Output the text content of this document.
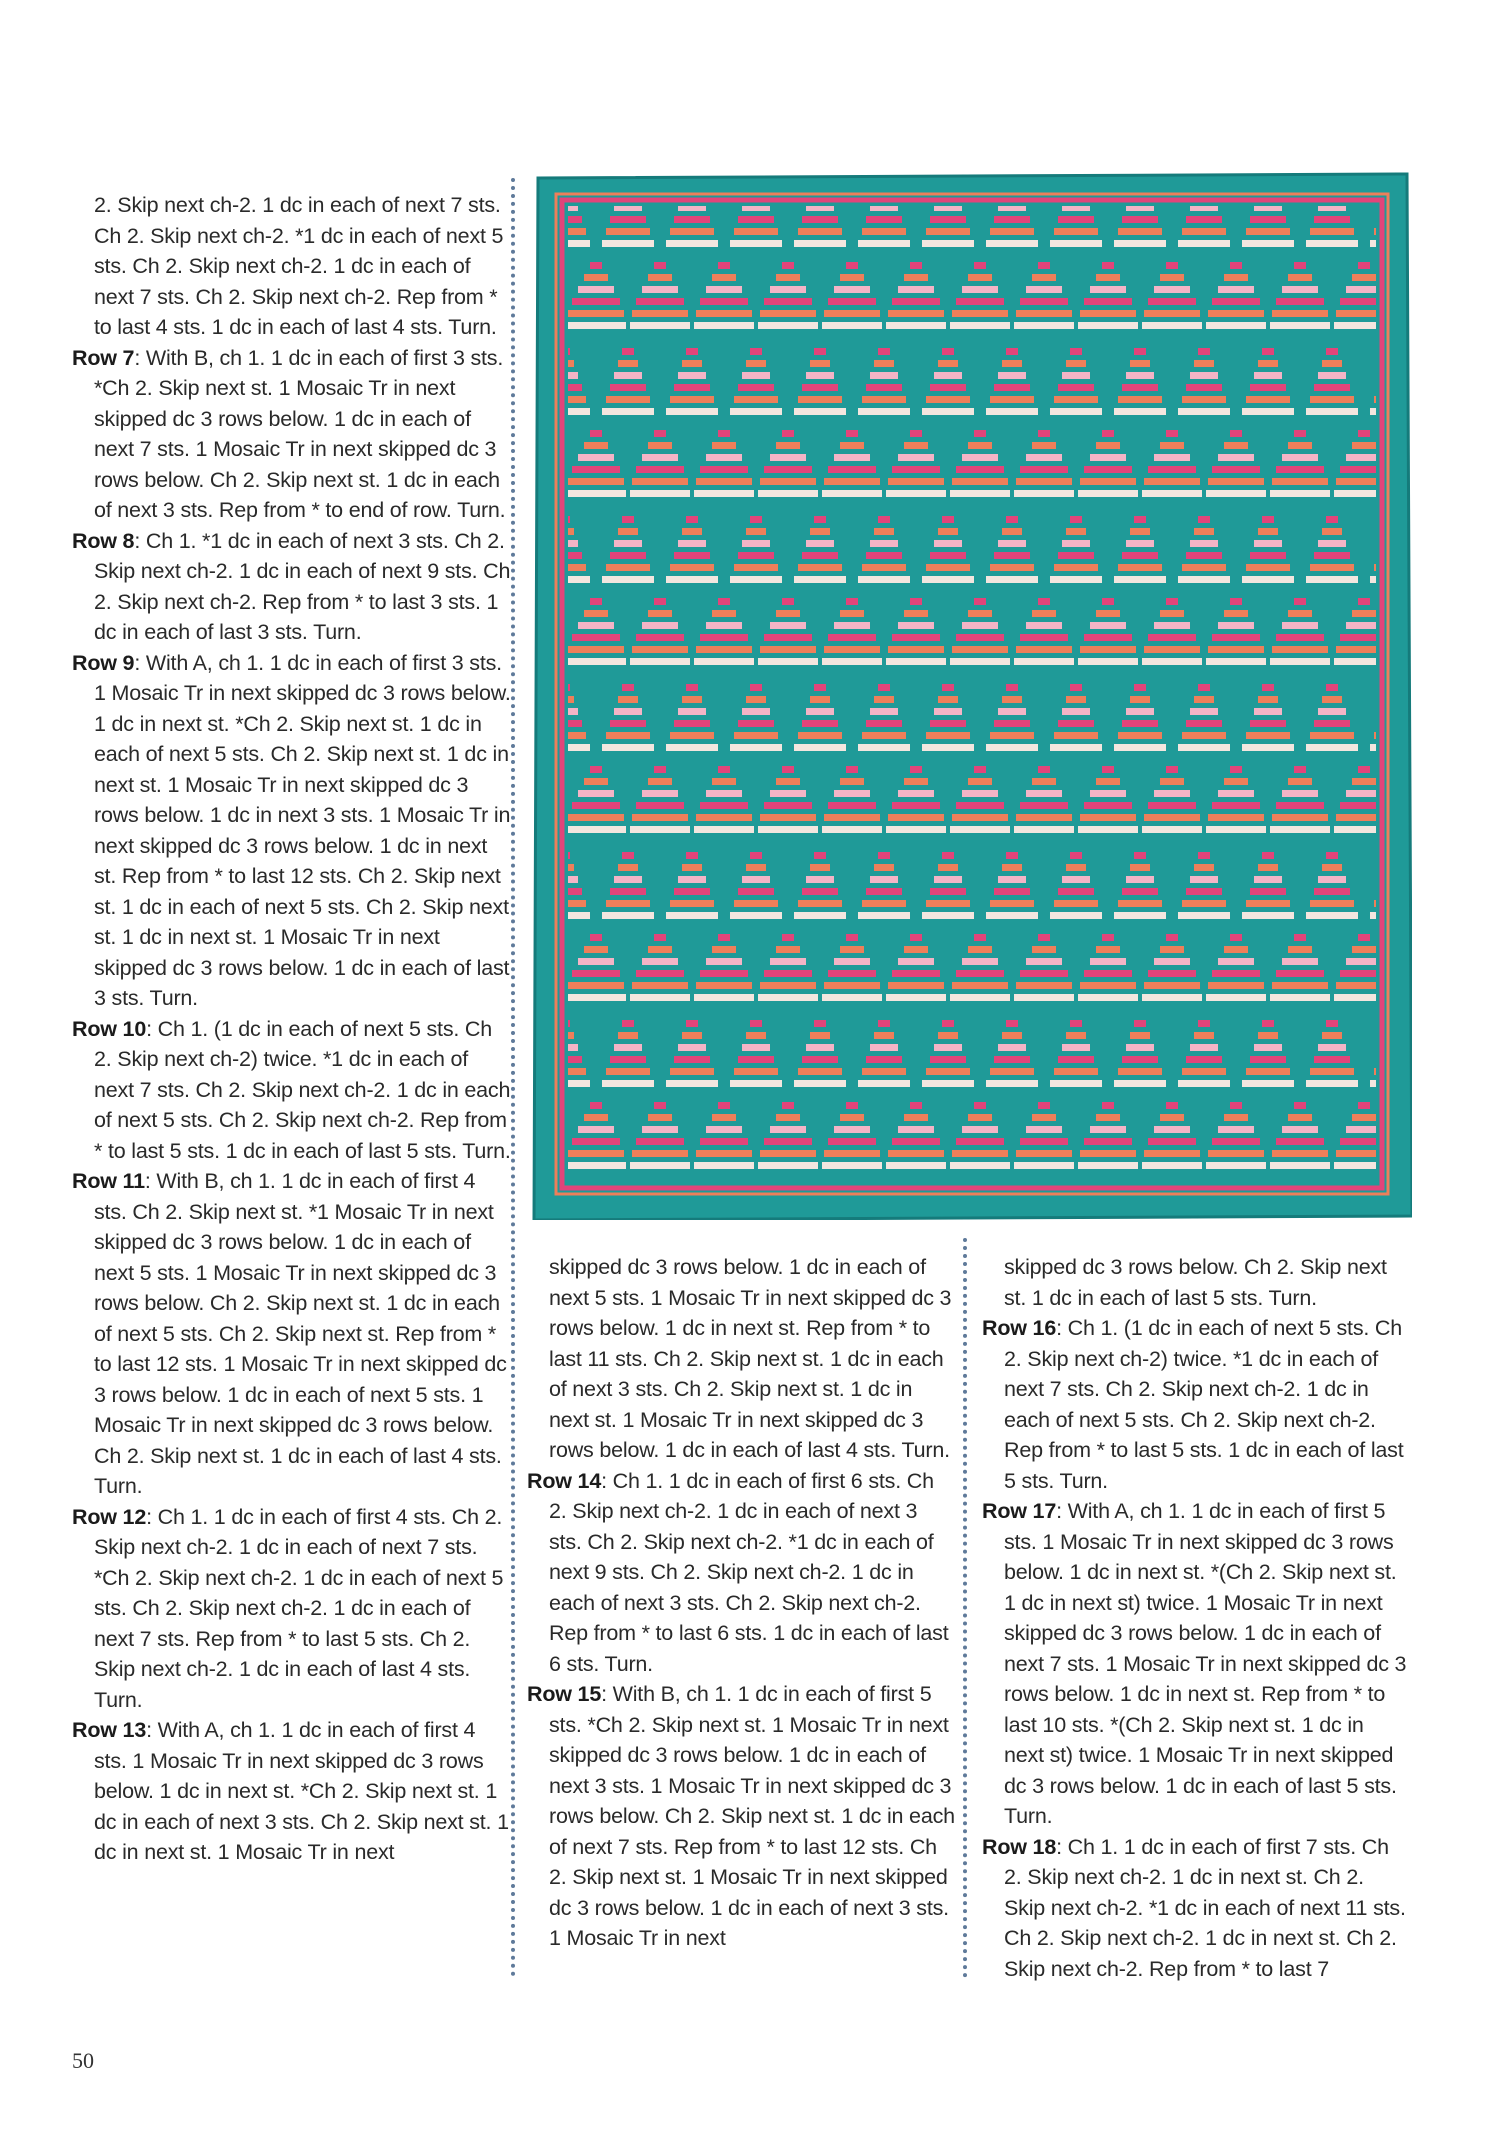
2. Skip next ch-2. 1 dc in each of next 7 sts. Ch 2. Skip next ch-2. *1 dc in each of next 5 sts. Ch 2. Skip next ch-2. 1 dc in each of next 7 sts. Ch 2. Skip next ch-2. Rep from * to last 4 sts. 1 dc in each of last 4 sts. Turn.

Row 7: With B, ch 1. 1 dc in each of first 3 sts. *Ch 2. Skip next st. 1 Mosaic Tr in next skipped dc 3 rows below. 1 dc in each of next 7 sts. 1 Mosaic Tr in next skipped dc 3 rows below. Ch 2. Skip next st. 1 dc in each of next 3 sts. Rep from * to end of row. Turn.

Row 8: Ch 1. *1 dc in each of next 3 sts. Ch 2. Skip next ch-2. 1 dc in each of next 9 sts. Ch 2. Skip next ch-2. Rep from * to last 3 sts. 1 dc in each of last 3 sts. Turn.

Row 9: With A, ch 1. 1 dc in each of first 3 sts. 1 Mosaic Tr in next skipped dc 3 rows below. 1 dc in next st. *Ch 2. Skip next st. 1 dc in each of next 5 sts. Ch 2. Skip next st. 1 dc in next st. 1 Mosaic Tr in next skipped dc 3 rows below. 1 dc in next 3 sts. 1 Mosaic Tr in next skipped dc 3 rows below. 1 dc in next st. Rep from * to last 12 sts. Ch 2. Skip next st. 1 dc in each of next 5 sts. Ch 2. Skip next st. 1 dc in next st. 1 Mosaic Tr in next skipped dc 3 rows below. 1 dc in each of last 3 sts. Turn.

Row 10: Ch 1. (1 dc in each of next 5 sts. Ch 2. Skip next ch-2) twice. *1 dc in each of next 7 sts. Ch 2. Skip next ch-2. 1 dc in each of next 5 sts. Ch 2. Skip next ch-2. Rep from * to last 5 sts. 1 dc in each of last 5 sts. Turn.

Row 11: With B, ch 1. 1 dc in each of first 4 sts. Ch 2. Skip next st. *1 Mosaic Tr in next skipped dc 3 rows below. 1 dc in each of next 5 sts. 1 Mosaic Tr in next skipped dc 3 rows below. Ch 2. Skip next st. 1 dc in each of next 5 sts. Ch 2. Skip next st. Rep from * to last 12 sts. 1 Mosaic Tr in next skipped dc 3 rows below. 1 dc in each of next 5 sts. 1 Mosaic Tr in next skipped dc 3 rows below. Ch 2. Skip next st. 1 dc in each of last 4 sts. Turn.

Row 12: Ch 1. 1 dc in each of first 4 sts. Ch 2. Skip next ch-2. 1 dc in each of next 7 sts. *Ch 2. Skip next ch-2. 1 dc in each of next 5 sts. Ch 2. Skip next ch-2. 1 dc in each of next 7 sts. Rep from * to last 5 sts. Ch 2. Skip next ch-2. 1 dc in each of last 4 sts. Turn.

Row 13: With A, ch 1. 1 dc in each of first 4 sts. 1 Mosaic Tr in next skipped dc 3 rows below. 1 dc in next st. *Ch 2. Skip next st. 1 dc in each of next 3 sts. Ch 2. Skip next st. 1 dc in next st. 1 Mosaic Tr in next

skipped dc 3 rows below. 1 dc in each of next 5 sts. 1 Mosaic Tr in next skipped dc 3 rows below. 1 dc in next st. Rep from * to last 11 sts. Ch 2. Skip next st. 1 dc in each of next 3 sts. Ch 2. Skip next st. 1 dc in next st. 1 Mosaic Tr in next skipped dc 3 rows below. 1 dc in each of last 4 sts. Turn.

Row 14: Ch 1. 1 dc in each of first 6 sts. Ch 2. Skip next ch-2. 1 dc in each of next 3 sts. Ch 2. Skip next ch-2. *1 dc in each of next 9 sts. Ch 2. Skip next ch-2. 1 dc in each of next 3 sts. Ch 2. Skip next ch-2. Rep from * to last 6 sts. 1 dc in each of last 6 sts. Turn.

Row 15: With B, ch 1. 1 dc in each of first 5 sts. *Ch 2. Skip next st. 1 Mosaic Tr in next skipped dc 3 rows below. 1 dc in each of next 3 sts. 1 Mosaic Tr in next skipped dc 3 rows below. Ch 2. Skip next st. 1 dc in each of next 7 sts. Rep from * to last 12 sts. Ch 2. Skip next st. 1 Mosaic Tr in next skipped dc 3 rows below. 1 dc in each of next 3 sts. 1 Mosaic Tr in next

skipped dc 3 rows below. Ch 2. Skip next st. 1 dc in each of last 5 sts. Turn.

Row 16: Ch 1. (1 dc in each of next 5 sts. Ch 2. Skip next ch-2) twice. *1 dc in each of next 7 sts. Ch 2. Skip next ch-2. 1 dc in each of next 5 sts. Ch 2. Skip next ch-2. Rep from * to last 5 sts. 1 dc in each of last 5 sts. Turn.

Row 17: With A, ch 1. 1 dc in each of first 5 sts. 1 Mosaic Tr in next skipped dc 3 rows below. 1 dc in next st. *(Ch 2. Skip next st. 1 dc in next st) twice. 1 Mosaic Tr in next skipped dc 3 rows below. 1 dc in each of next 7 sts. 1 Mosaic Tr in next skipped dc 3 rows below. 1 dc in next st. Rep from * to last 10 sts. *(Ch 2. Skip next st. 1 dc in next st) twice. 1 Mosaic Tr in next skipped dc 3 rows below. 1 dc in each of last 5 sts. Turn.

Row 18: Ch 1. 1 dc in each of first 7 sts. Ch 2. Skip next ch-2. 1 dc in next st. Ch 2. Skip next ch-2. *1 dc in each of next 11 sts. Ch 2. Skip next ch-2. 1 dc in next st. Ch 2. Skip next ch-2. Rep from * to last 7

50
